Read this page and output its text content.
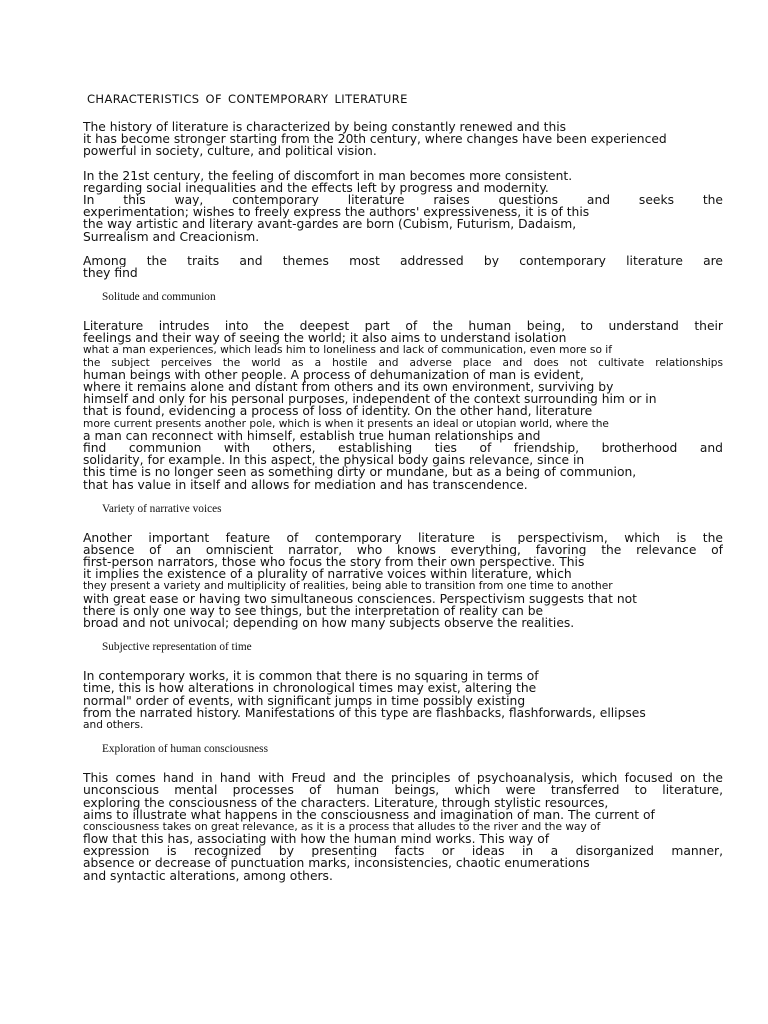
CHARACTERISTICS OF CONTEMPORARY LITERATURE
The history of literature is characterized by being constantly renewed and this
it has become stronger starting from the 20th century, where changes have been experienced
powerful in society, culture, and political vision.
In the 21st century, the feeling of discomfort in man becomes more consistent.
regarding social inequalities and the effects left by progress and modernity.
In this way, contemporary literature raises questions and seeks the
experimentation; wishes to freely express the authors' expressiveness, it is of this
the way artistic and literary avant-gardes are born (Cubism, Futurism, Dadaism,
Surrealism and Creacionism.
Among the traits and themes most addressed by contemporary literature are
they find
Solitude and communion
Literature intrudes into the deepest part of the human being, to understand their
feelings and their way of seeing the world; it also aims to understand isolation
what a man experiences, which leads him to loneliness and lack of communication, even more so if
the subject perceives the world as a hostile and adverse place and does not cultivate relationships
human beings with other people. A process of dehumanization of man is evident,
where it remains alone and distant from others and its own environment, surviving by
himself and only for his personal purposes, independent of the context surrounding him or in
that is found, evidencing a process of loss of identity. On the other hand, literature
more current presents another pole, which is when it presents an ideal or utopian world, where the
a man can reconnect with himself, establish true human relationships and
find communion with others, establishing ties of friendship, brotherhood and
solidarity, for example. In this aspect, the physical body gains relevance, since in
this time is no longer seen as something dirty or mundane, but as a being of communion,
that has value in itself and allows for mediation and has transcendence.
Variety of narrative voices
Another important feature of contemporary literature is perspectivism, which is the
absence of an omniscient narrator, who knows everything, favoring the relevance of
first-person narrators, those who focus the story from their own perspective. This
it implies the existence of a plurality of narrative voices within literature, which
they present a variety and multiplicity of realities, being able to transition from one time to another
with great ease or having two simultaneous consciences. Perspectivism suggests that not
there is only one way to see things, but the interpretation of reality can be
broad and not univocal; depending on how many subjects observe the realities.
Subjective representation of time
In contemporary works, it is common that there is no squaring in terms of
time, this is how alterations in chronological times may exist, altering the
normal" order of events, with significant jumps in time possibly existing
from the narrated history. Manifestations of this type are flashbacks, flashforwards, ellipses
and others.
Exploration of human consciousness
This comes hand in hand with Freud and the principles of psychoanalysis, which focused on the
unconscious mental processes of human beings, which were transferred to literature,
exploring the consciousness of the characters. Literature, through stylistic resources,
aims to illustrate what happens in the consciousness and imagination of man. The current of
consciousness takes on great relevance, as it is a process that alludes to the river and the way of
flow that this has, associating with how the human mind works. This way of
expression is recognized by presenting facts or ideas in a disorganized manner,
absence or decrease of punctuation marks, inconsistencies, chaotic enumerations
and syntactic alterations, among others.
